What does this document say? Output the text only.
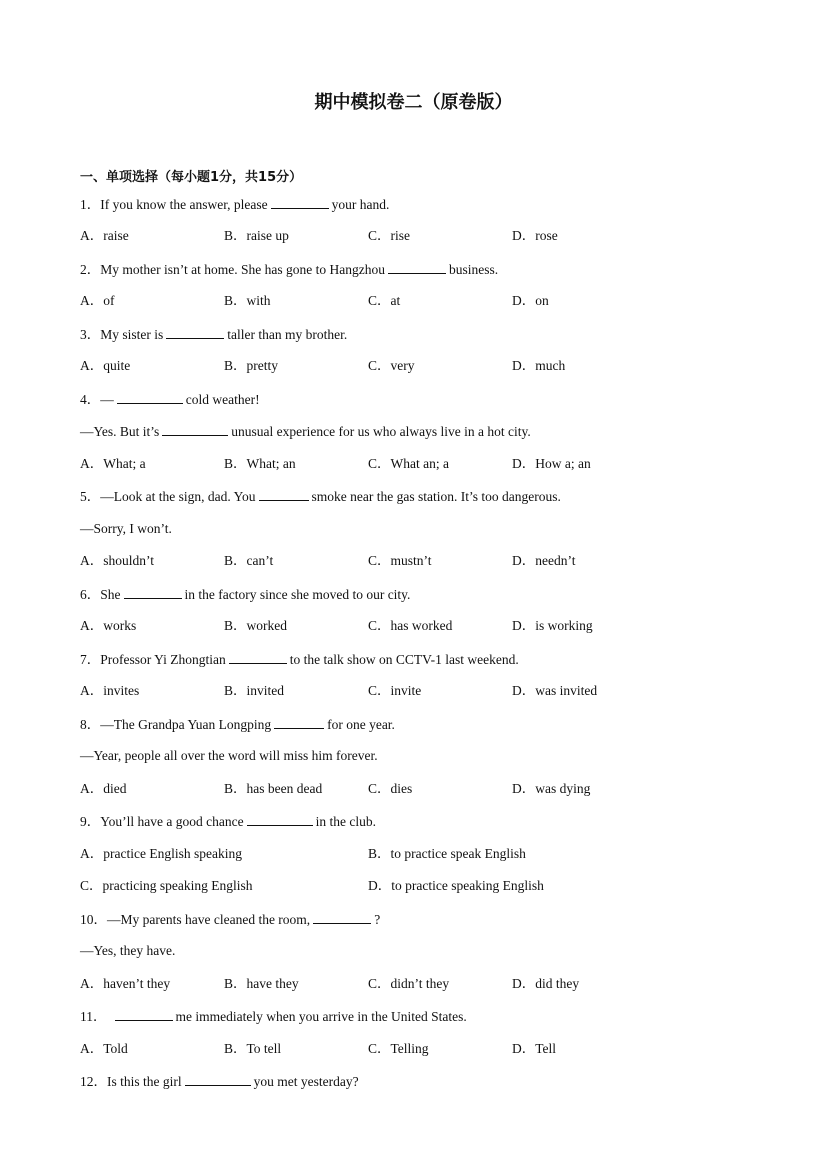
期中模拟卷二（原卷版）
一、单项选择（每小题1分，共15分）
1．If you know the answer, please	your hand.
A．raise	B．raise up	C．rise	D．rose
2．My mother isn’t at home. She has gone to Hangzhou	business.
A．of	B．with	C．at	D．on
3．My sister is	taller than my brother.
A．quite	B．pretty	C．very	D．much
4．—	cold weather!
—Yes. But it’s	unusual experience for us who always live in a hot city.
A．What; a	B．What; an	C．What an; a	D．How a; an
5．—Look at the sign, dad. You	smoke near the gas station. It’s too dangerous.
—Sorry, I won’t.
A．shouldn’t	B．can’t	C．mustn’t	D．needn’t
6．She	in the factory since she moved to our city.
A．works	B．worked	C．has worked	D．is working
7．Professor Yi Zhongtian	to the talk show on CCTV-1 last weekend.
A．invites	B．invited	C．invite	D．was invited
8．—The Grandpa Yuan Longping	for one year.
—Year, people all over the word will miss him forever.
A．died	B．has been dead	C．dies	D．was dying
9．You’ll have a good chance	in the club.
A．practice English speaking	B．to practice speak English
C．practicing speaking English	D．to practice speaking English
10．—My parents have cleaned the room,	?
—Yes, they have.
A．haven’t they	B．have they	C．didn’t they	D．did they
11．	me immediately when you arrive in the United States.
A．Told	B．To tell	C．Telling	D．Tell
12．Is this the girl	you met yesterday?
